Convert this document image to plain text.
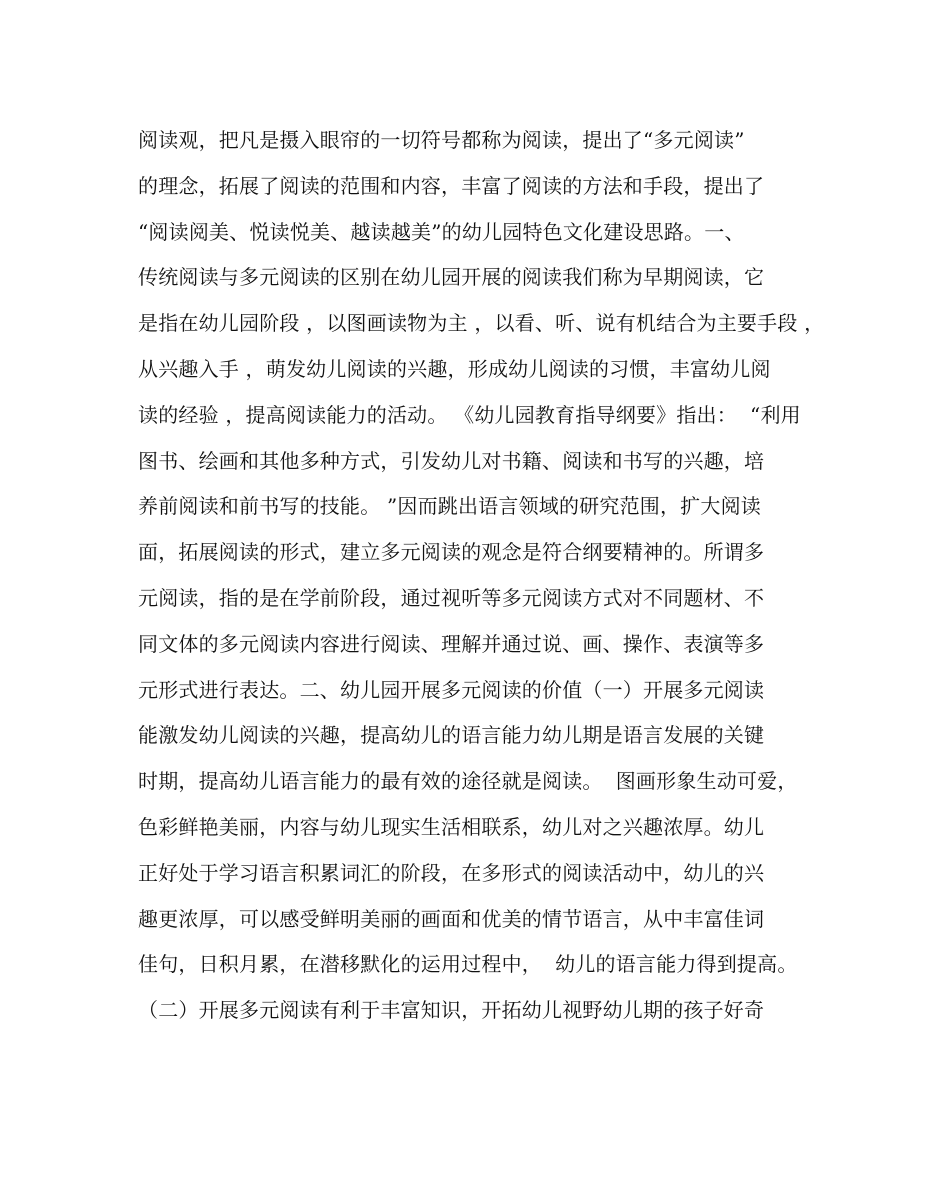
阅读观，把凡是摄入眼帘的一切符号都称为阅读，提出了“多元阅读”
的理念，拓展了阅读的范围和内容，丰富了阅读的方法和手段，提出了
“阅读阅美、悦读悦美、越读越美”的幼儿园特色文化建设思路。一、
传统阅读与多元阅读的区别在幼儿园开展的阅读我们称为早期阅读，它
是指在幼儿园阶段 ，以图画读物为主 ，以看、听、说有机结合为主要手段 ，
从兴趣入手 ，萌发幼儿阅读的兴趣，形成幼儿阅读的习惯，丰富幼儿阅
读的经验 ，提高阅读能力的活动。 《幼儿园教育指导纲要》指出：  “利用
图书、绘画和其他多种方式，引发幼儿对书籍、阅读和书写的兴趣，培
养前阅读和前书写的技能。 ”因而跳出语言领域的研究范围，扩大阅读
面，拓展阅读的形式，建立多元阅读的观念是符合纲要精神的。所谓多
元阅读，指的是在学前阶段，通过视听等多元阅读方式对不同题材、不
同文体的多元阅读内容进行阅读、理解并通过说、画、操作、表演等多
元形式进行表达。二、幼儿园开展多元阅读的价值（一）开展多元阅读
能激发幼儿阅读的兴趣，提高幼儿的语言能力幼儿期是语言发展的关键
时期，提高幼儿语言能力的最有效的途径就是阅读。  图画形象生动可爱，
色彩鲜艳美丽，内容与幼儿现实生活相联系，幼儿对之兴趣浓厚。幼儿
正好处于学习语言积累词汇的阶段，在多形式的阅读活动中，幼儿的兴
趣更浓厚，可以感受鲜明美丽的画面和优美的情节语言，从中丰富佳词
佳句，日积月累，在潜移默化的运用过程中，  幼儿的语言能力得到提高。
（二）开展多元阅读有利于丰富知识，开拓幼儿视野幼儿期的孩子好奇
